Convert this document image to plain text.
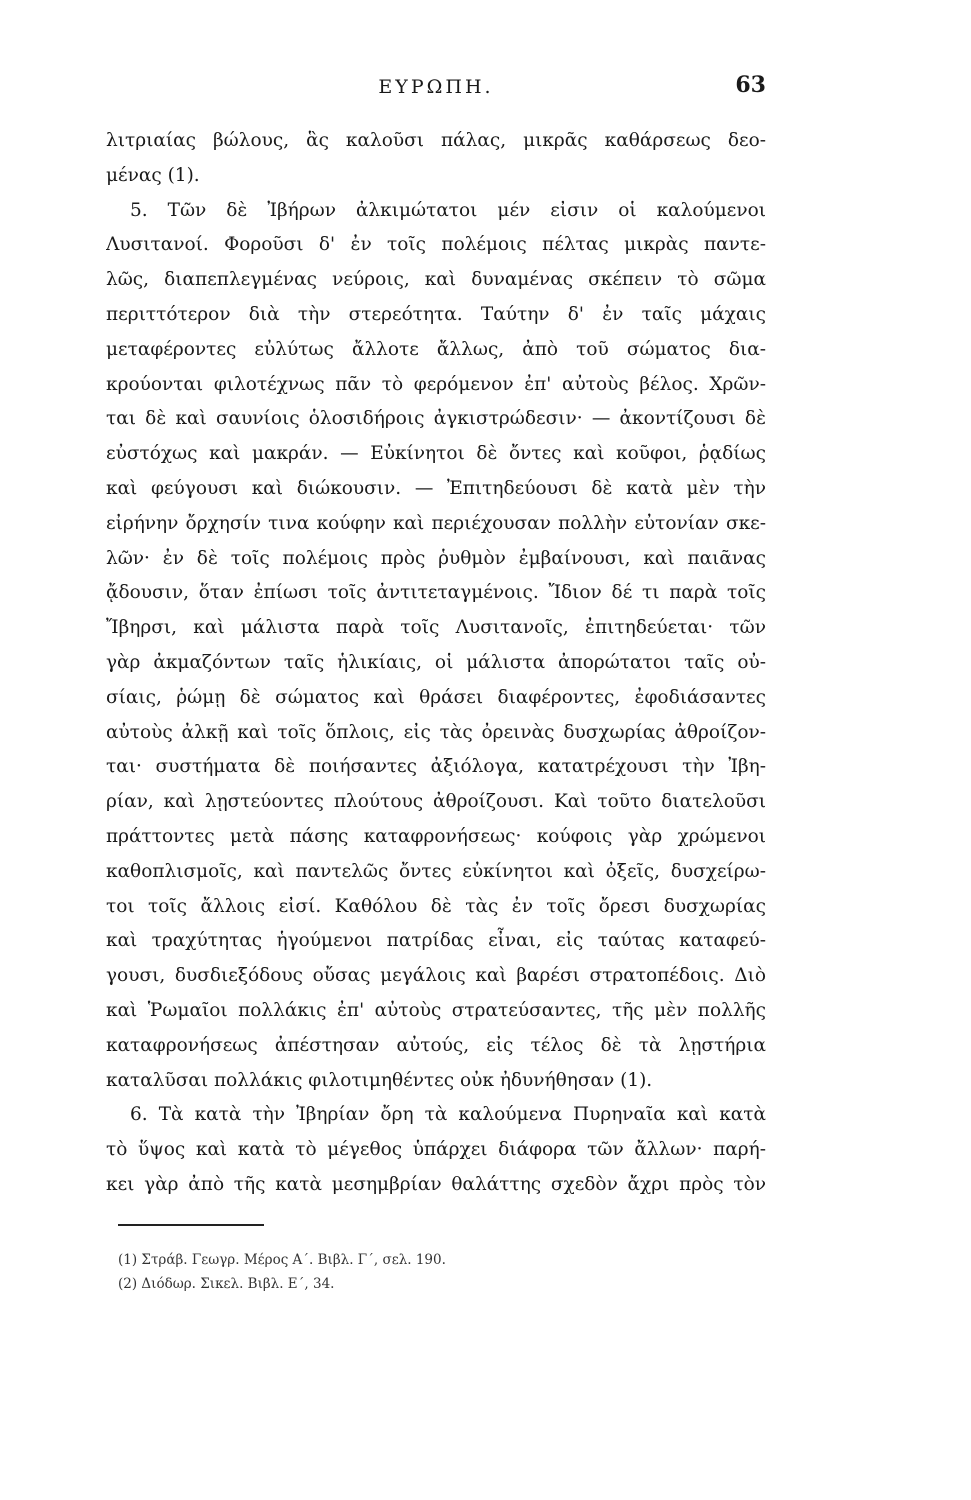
ΕΥΡΩΠΗ.	63
λιτριαίας βώλους, ἃς καλοῦσι πάλας, μικρᾶς καθάρσεως δεο-
μένας (1).
5. Τῶν δὲ Ἰβήρων ἀλκιμώτατοι μέν εἰσιν οἱ καλούμενοι
Λυσιτανοί. Φοροῦσι δ' ἐν τοῖς πολέμοις πέλτας μικρὰς παντε-
λῶς, διαπεπλεγμένας νεύροις, καὶ δυναμένας σκέπειν τὸ σῶμα
περιττότερον διὰ τὴν στερεότητα. Ταύτην δ' ἐν ταῖς μάχαις
μεταφέροντες εὐλύτως ἄλλοτε ἄλλως, ἀπὸ τοῦ σώματος δια-
κρούονται φιλοτέχνως πᾶν τὸ φερόμενον ἐπ' αὐτοὺς βέλος. Χρῶν-
ται δὲ καὶ σαυνίοις ὁλοσιδήροις ἀγκιστρώδεσιν· — ἀκοντίζουσι δὲ
εὐστόχως καὶ μακράν. — Εὐκίνητοι δὲ ὄντες καὶ κοῦφοι, ῥᾳδίως
καὶ φεύγουσι καὶ διώκουσιν. — Ἐπιτηδεύουσι δὲ κατὰ μὲν τὴν
εἰρήνην ὄρχησίν τινα κούφην καὶ περιέχουσαν πολλὴν εὐτονίαν σκε-
λῶν· ἐν δὲ τοῖς πολέμοις πρὸς ῥυθμὸν ἐμβαίνουσι, καὶ παιᾶνας
ᾄδουσιν, ὅταν ἐπίωσι τοῖς ἀντιτεταγμένοις. Ἴδιον δέ τι παρὰ τοῖς
Ἴβηρσι, καὶ μάλιστα παρὰ τοῖς Λυσιτανοῖς, ἐπιτηδεύεται· τῶν
γὰρ ἀκμαζόντων ταῖς ἡλικίαις, οἱ μάλιστα ἀπορώτατοι ταῖς οὐ-
σίαις, ῥώμῃ δὲ σώματος καὶ θράσει διαφέροντες, ἐφοδιάσαντες
αὐτοὺς ἀλκῇ καὶ τοῖς ὅπλοις, εἰς τὰς ὀρεινὰς δυσχωρίας ἀθροίζον-
ται· συστήματα δὲ ποιήσαντες ἀξιόλογα, κατατρέχουσι τὴν Ἰβη-
ρίαν, καὶ λῃστεύοντες πλούτους ἀθροίζουσι. Καὶ τοῦτο διατελοῦσι
πράττοντες μετὰ πάσης καταφρονήσεως· κούφοις γὰρ χρώμενοι
καθοπλισμοῖς, καὶ παντελῶς ὄντες εὐκίνητοι καὶ ὀξεῖς, δυσχείρω-
τοι τοῖς ἄλλοις εἰσί. Καθόλου δὲ τὰς ἐν τοῖς ὄρεσι δυσχωρίας
καὶ τραχύτητας ἡγούμενοι πατρίδας εἶναι, εἰς ταύτας καταφεύ-
γουσι, δυσδιεξόδους οὔσας μεγάλοις καὶ βαρέσι στρατοπέδοις. Διὸ
καὶ Ῥωμαῖοι πολλάκις ἐπ' αὐτοὺς στρατεύσαντες, τῆς μὲν πολλῆς
καταφρονήσεως ἀπέστησαν αὐτούς, εἰς τέλος δὲ τὰ λῃστήρια
καταλῦσαι πολλάκις φιλοτιμηθέντες οὐκ ἠδυνήθησαν (1).
6. Τὰ κατὰ τὴν Ἰβηρίαν ὄρη τὰ καλούμενα Πυρηναῖα καὶ κατὰ
τὸ ὕψος καὶ κατὰ τὸ μέγεθος ὑπάρχει διάφορα τῶν ἄλλων· παρή-
κει γὰρ ἀπὸ τῆς κατὰ μεσημβρίαν θαλάττης σχεδὸν ἄχρι πρὸς τὸν
(1) Στράβ. Γεωγρ. Μέρος Α΄. Βιβλ. Γ΄, σελ. 190.
(2) Διόδωρ. Σικελ. Βιβλ. Ε΄, 34.
